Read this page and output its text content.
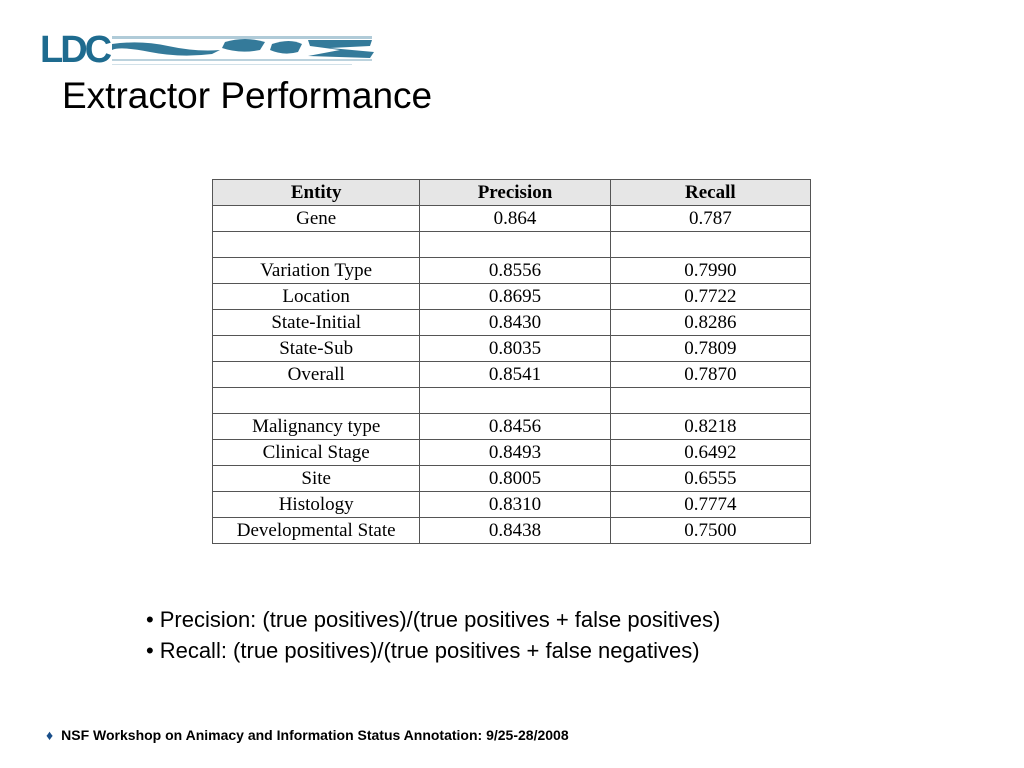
LDC
Extractor Performance
Entity	Precision	Recall
Gene	0.864	0.787

Variation Type	0.8556	0.7990
Location	0.8695	0.7722
State-Initial	0.8430	0.8286
State-Sub	0.8035	0.7809
Overall	0.8541	0.7870

Malignancy type	0.8456	0.8218
Clinical Stage	0.8493	0.6492
Site	0.8005	0.6555
Histology	0.8310	0.7774
Developmental State	0.8438	0.7500
• Precision: (true positives)/(true positives + false positives)
• Recall: (true positives)/(true positives + false negatives)
♦ NSF Workshop on Animacy and Information Status Annotation: 9/25-28/2008
